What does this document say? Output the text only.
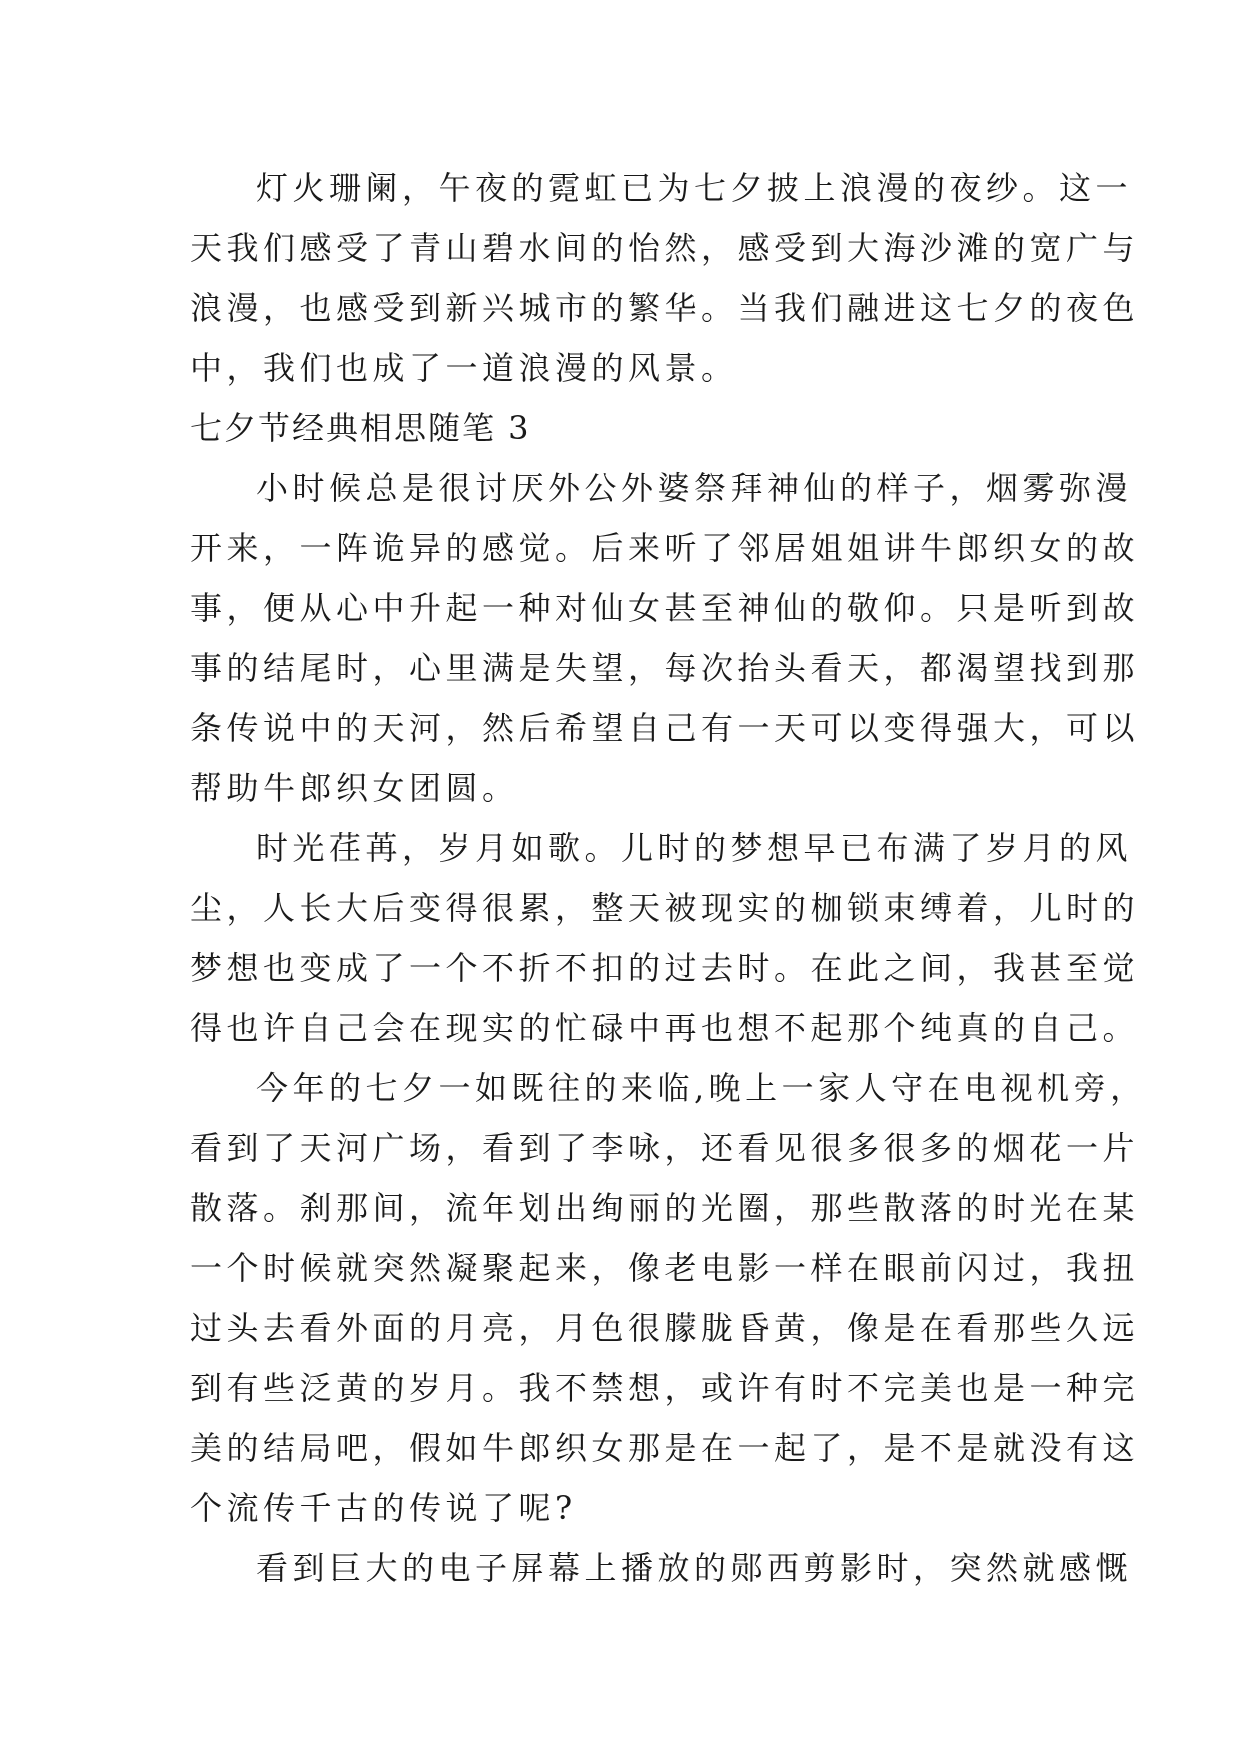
灯火珊阑，午夜的霓虹已为七夕披上浪漫的夜纱。这一
天我们感受了青山碧水间的怡然，感受到大海沙滩的宽广与
浪漫，也感受到新兴城市的繁华。当我们融进这七夕的夜色
中，我们也成了一道浪漫的风景。
七夕节经典相思随笔 3
小时候总是很讨厌外公外婆祭拜神仙的样子，烟雾弥漫
开来，一阵诡异的感觉。后来听了邻居姐姐讲牛郎织女的故
事，便从心中升起一种对仙女甚至神仙的敬仰。只是听到故
事的结尾时，心里满是失望，每次抬头看天，都渴望找到那
条传说中的天河，然后希望自己有一天可以变得强大，可以
帮助牛郎织女团圆。
时光荏苒，岁月如歌。儿时的梦想早已布满了岁月的风
尘，人长大后变得很累，整天被现实的枷锁束缚着，儿时的
梦想也变成了一个不折不扣的过去时。在此之间，我甚至觉
得也许自己会在现实的忙碌中再也想不起那个纯真的自己。
今年的七夕一如既往的来临,晚上一家人守在电视机旁，
看到了天河广场，看到了李咏，还看见很多很多的烟花一片
散落。刹那间，流年划出绚丽的光圈，那些散落的时光在某
一个时候就突然凝聚起来，像老电影一样在眼前闪过，我扭
过头去看外面的月亮，月色很朦胧昏黄，像是在看那些久远
到有些泛黄的岁月。我不禁想，或许有时不完美也是一种完
美的结局吧，假如牛郎织女那是在一起了，是不是就没有这
个流传千古的传说了呢?
看到巨大的电子屏幕上播放的郧西剪影时，突然就感慨
